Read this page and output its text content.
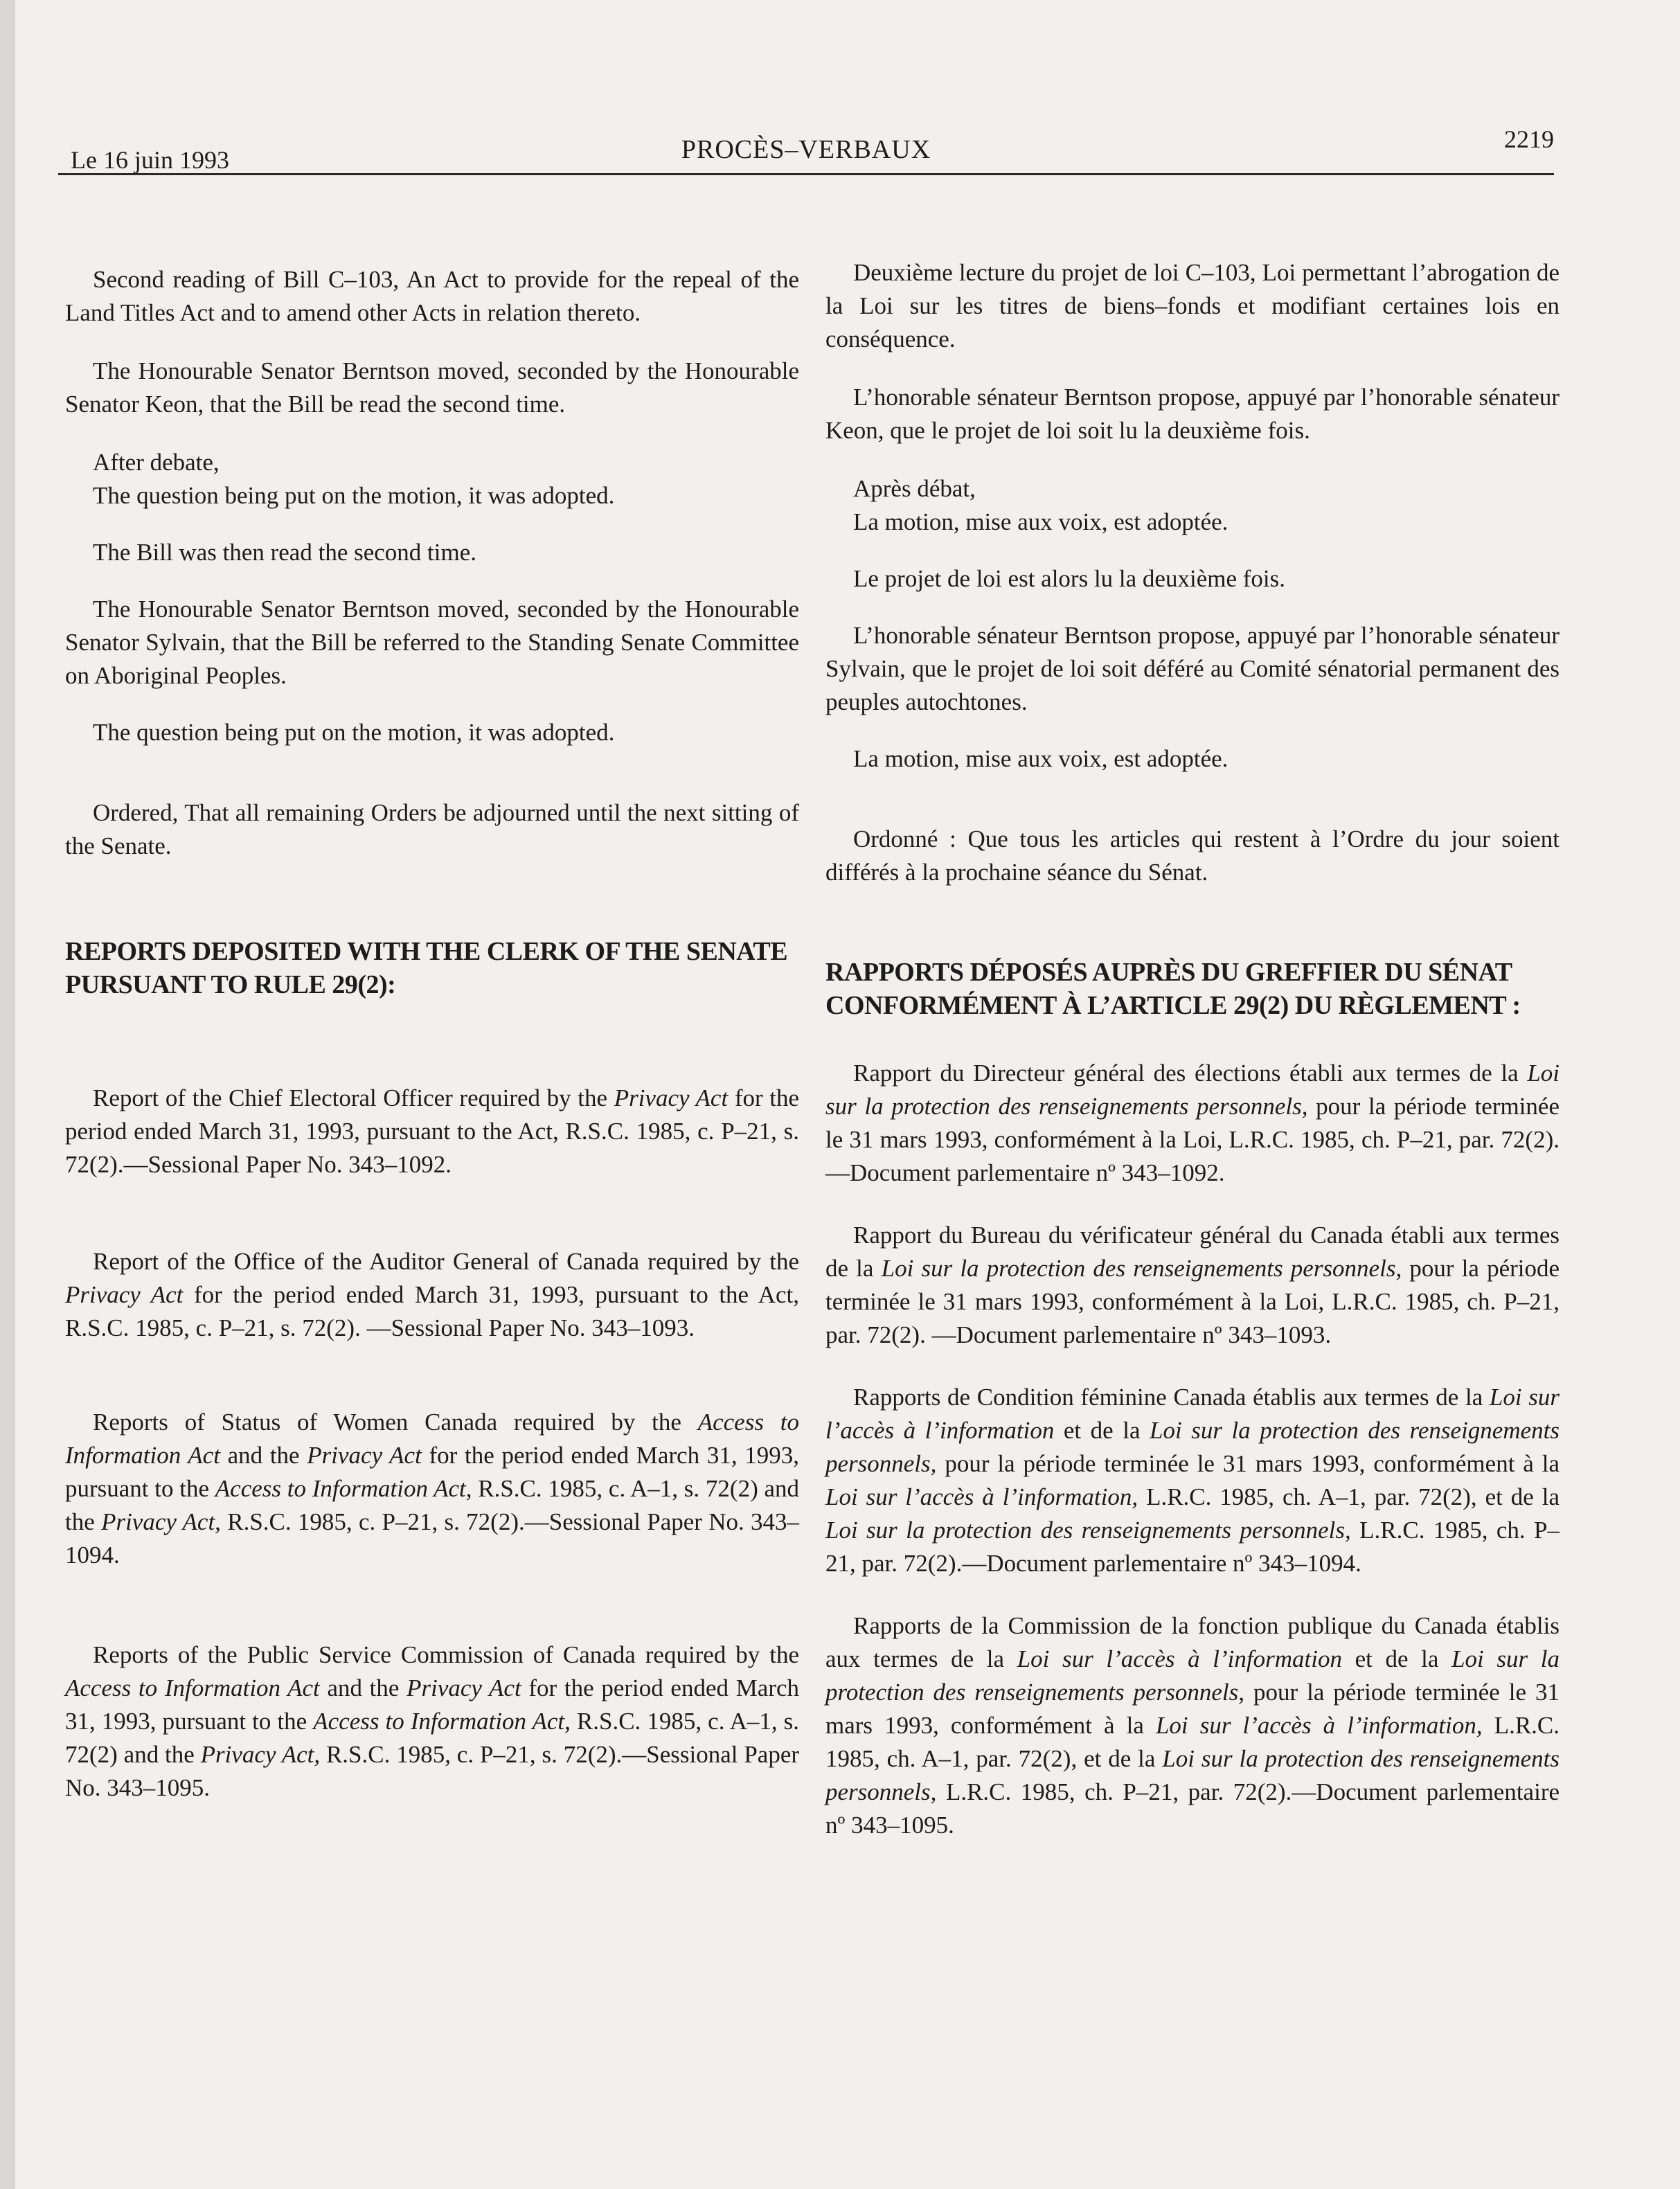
Le 16 juin 1993	PROCÈS–VERBAUX	2219

Second reading of Bill C–103, An Act to provide for the repeal of the Land Titles Act and to amend other Acts in relation thereto.

The Honourable Senator Berntson moved, seconded by the Honourable Senator Keon, that the Bill be read the second time.

After debate,
The question being put on the motion, it was adopted.

The Bill was then read the second time.

The Honourable Senator Berntson moved, seconded by the Honourable Senator Sylvain, that the Bill be referred to the Standing Senate Committee on Aboriginal Peoples.

The question being put on the motion, it was adopted.

Ordered, That all remaining Orders be adjourned until the next sitting of the Senate.

REPORTS DEPOSITED WITH THE CLERK OF THE SENATE PURSUANT TO RULE 29(2):

Report of the Chief Electoral Officer required by the Privacy Act for the period ended March 31, 1993, pursuant to the Act, R.S.C. 1985, c. P–21, s. 72(2).—Sessional Paper No. 343–1092.

Report of the Office of the Auditor General of Canada required by the Privacy Act for the period ended March 31, 1993, pursuant to the Act, R.S.C. 1985, c. P–21, s. 72(2). —Sessional Paper No. 343–1093.

Reports of Status of Women Canada required by the Access to Information Act and the Privacy Act for the period ended March 31, 1993, pursuant to the Access to Information Act, R.S.C. 1985, c. A–1, s. 72(2) and the Privacy Act, R.S.C. 1985, c. P–21, s. 72(2).—Sessional Paper No. 343–1094.

Reports of the Public Service Commission of Canada required by the Access to Information Act and the Privacy Act for the period ended March 31, 1993, pursuant to the Access to Information Act, R.S.C. 1985, c. A–1, s. 72(2) and the Privacy Act, R.S.C. 1985, c. P–21, s. 72(2).—Sessional Paper No. 343–1095.

Deuxième lecture du projet de loi C–103, Loi permettant l’abrogation de la Loi sur les titres de biens–fonds et modifiant certaines lois en conséquence.

L’honorable sénateur Berntson propose, appuyé par l’honorable sénateur Keon, que le projet de loi soit lu la deuxième fois.

Après débat,
La motion, mise aux voix, est adoptée.

Le projet de loi est alors lu la deuxième fois.

L’honorable sénateur Berntson propose, appuyé par l’honorable sénateur Sylvain, que le projet de loi soit déféré au Comité sénatorial permanent des peuples autochtones.

La motion, mise aux voix, est adoptée.

Ordonné : Que tous les articles qui restent à l’Ordre du jour soient différés à la prochaine séance du Sénat.

RAPPORTS DÉPOSÉS AUPRÈS DU GREFFIER DU SÉNAT CONFORMÉMENT À L’ARTICLE 29(2) DU RÈGLEMENT :

Rapport du Directeur général des élections établi aux termes de la Loi sur la protection des renseignements personnels, pour la période terminée le 31 mars 1993, conformément à la Loi, L.R.C. 1985, ch. P–21, par. 72(2).—Document parlementaire nº 343–1092.

Rapport du Bureau du vérificateur général du Canada établi aux termes de la Loi sur la protection des renseignements personnels, pour la période terminée le 31 mars 1993, conformément à la Loi, L.R.C. 1985, ch. P–21, par. 72(2). —Document parlementaire nº 343–1093.

Rapports de Condition féminine Canada établis aux termes de la Loi sur l’accès à l’information et de la Loi sur la protection des renseignements personnels, pour la période terminée le 31 mars 1993, conformément à la Loi sur l’accès à l’information, L.R.C. 1985, ch. A–1, par. 72(2), et de la Loi sur la protection des renseignements personnels, L.R.C. 1985, ch. P–21, par. 72(2).—Document parlementaire nº 343–1094.

Rapports de la Commission de la fonction publique du Canada établis aux termes de la Loi sur l’accès à l’information et de la Loi sur la protection des renseignements personnels, pour la période terminée le 31 mars 1993, conformément à la Loi sur l’accès à l’information, L.R.C. 1985, ch. A–1, par. 72(2), et de la Loi sur la protection des renseignements personnels, L.R.C. 1985, ch. P–21, par. 72(2).—Document parlementaire nº 343–1095.
